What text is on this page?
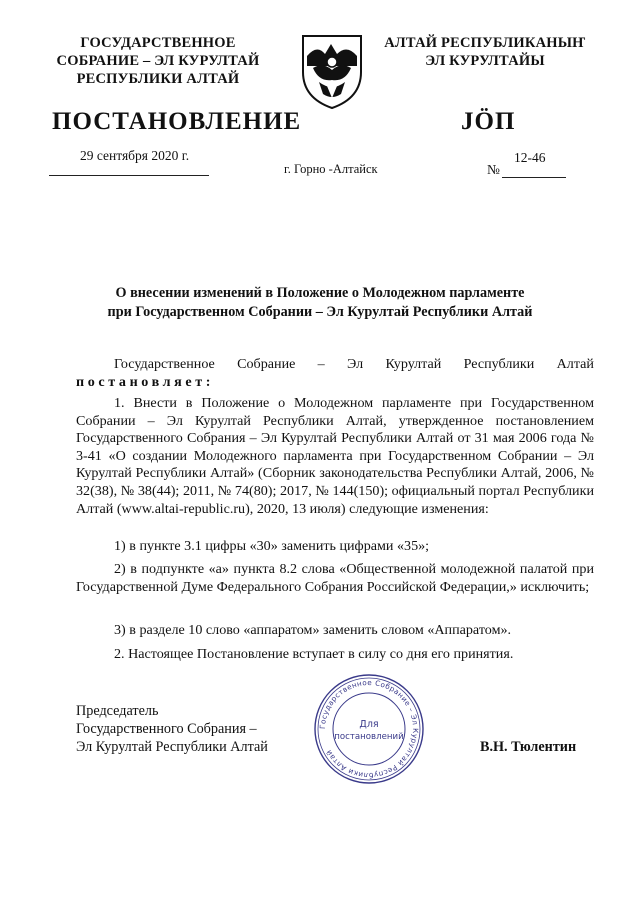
ГОСУДАРСТВЕННОЕ
СОБРАНИЕ – ЭЛ КУРУЛТАЙ
РЕСПУБЛИКИ АЛТАЙ
АЛТАЙ РЕСПУБЛИКАНЫҤ
ЭЛ КУРУЛТАЙЫ
ПОСТАНОВЛЕНИЕ	JӦП
29 сентября 2020 г.
г. Горно -Алтайск
12-46
№
О внесении изменений в Положение о Молодежном парламенте
при Государственном Собрании – Эл Курултай Республики Алтай
Государственное Собрание – Эл Курултай Республики Алтай
постановляет:

1. Внести в Положение о Молодежном парламенте при Государственном Собрании – Эл Курултай Республики Алтай, утвержденное постановлением Государственного Собрания – Эл Курултай Республики Алтай от 31 мая 2006 года № 3-41 «О создании Молодежного парламента при Государственном Собрании – Эл Курултай Республики Алтай» (Сборник законодательства Республики Алтай, 2006, № 32(38), № 38(44); 2011, № 74(80); 2017, № 144(150); официальный портал Республики Алтай (www.altai-republic.ru), 2020, 13 июля) следующие изменения:

1) в пункте 3.1 цифры «30» заменить цифрами «35»;

2) в подпункте «а» пункта 8.2 слова «Общественной молодежной палатой при Государственной Думе Федерального Собрания Российской Федерации,» исключить;

3) в разделе 10 слово «аппаратом» заменить словом «Аппаратом».

2. Настоящее Постановление вступает в силу со дня его принятия.

Председатель
Государственного Собрания –
Эл Курултай Республики Алтай	В.Н. Тюлентин
Государственное Собрание – Эл Курултай Республики Алтай
Для
постановлений
